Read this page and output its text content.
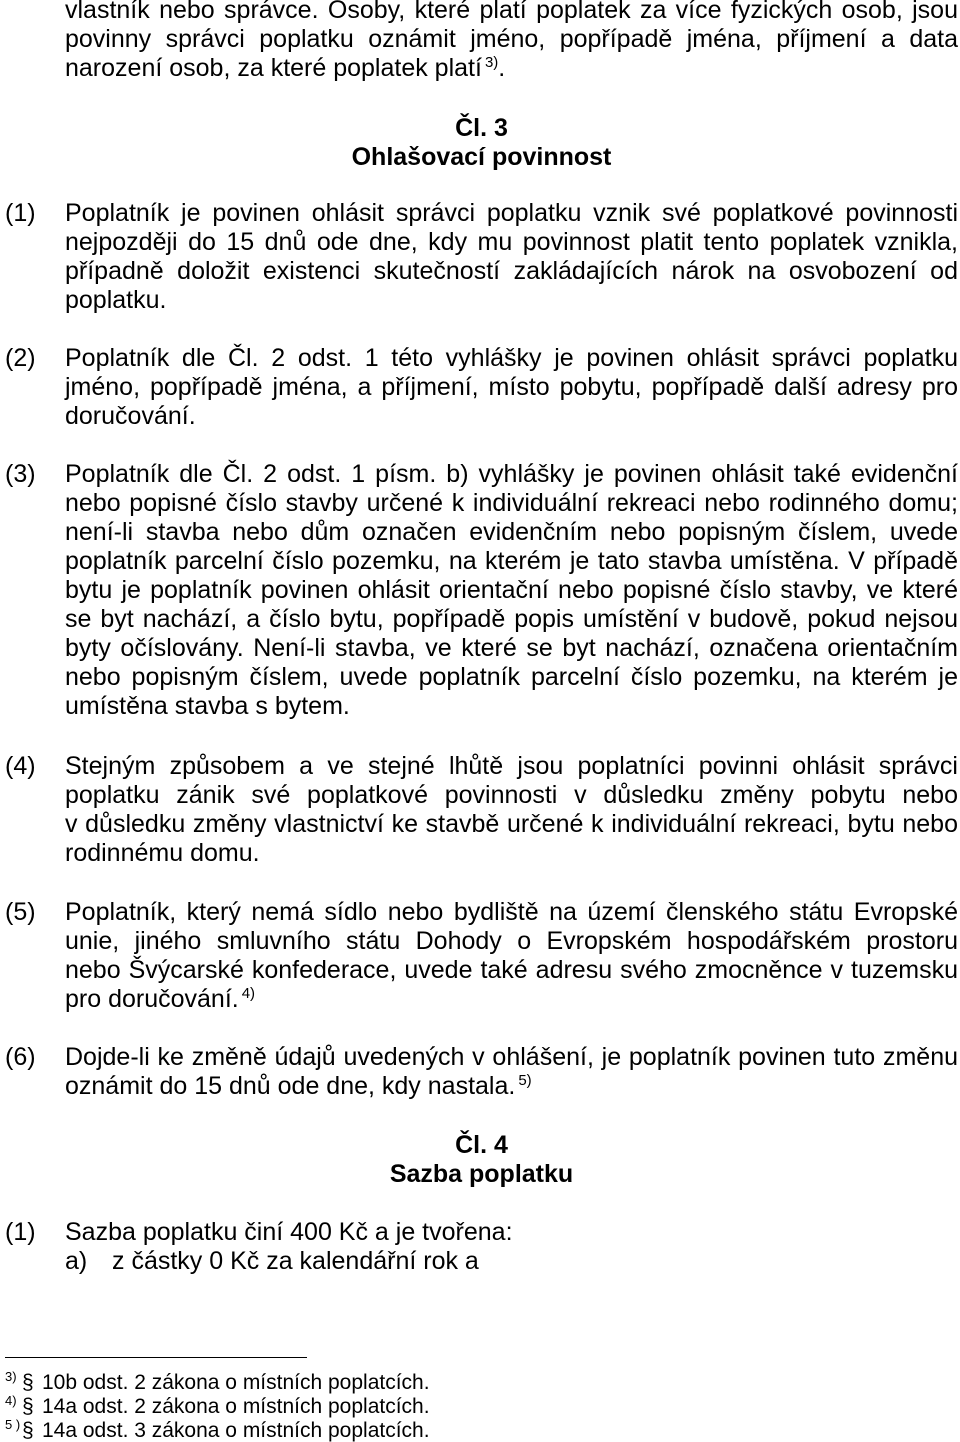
vlastník nebo správce. Osoby, které platí poplatek za více fyzických osob, jsou
povinny správci poplatku oznámit jméno, popřípadě jména, příjmení a data
narození osob, za které poplatek platí $^{3)}$.
Čl. 3
Ohlašovací povinnost
(1) Poplatník je povinen ohlásit správci poplatku vznik své poplatkové povinnosti
nejpozději do 15 dnů ode dne, kdy mu povinnost platit tento poplatek vznikla,
případně doložit existenci skutečností zakládajících nárok na osvobození od
poplatku.
(2) Poplatník dle Čl. 2 odst. 1 této vyhlášky je povinen ohlásit správci poplatku
jméno, popřípadě jména, a příjmení, místo pobytu, popřípadě další adresy pro
doručování.
(3) Poplatník dle Čl. 2 odst. 1 písm. b) vyhlášky je povinen ohlásit také evidenční
nebo popisné číslo stavby určené k individuální rekreaci nebo rodinného domu;
není-li stavba nebo dům označen evidenčním nebo popisným číslem, uvede
poplatník parcelní číslo pozemku, na kterém je tato stavba umístěna. V případě
bytu je poplatník povinen ohlásit orientační nebo popisné číslo stavby, ve které
se byt nachází, a číslo bytu, popřípadě popis umístění v budově, pokud nejsou
byty očíslovány. Není-li stavba, ve které se byt nachází, označena orientačním
nebo popisným číslem, uvede poplatník parcelní číslo pozemku, na kterém je
umístěna stavba s bytem.
(4) Stejným způsobem a ve stejné lhůtě jsou poplatníci povinni ohlásit správci
poplatku zánik své poplatkové povinnosti v důsledku změny pobytu nebo
v důsledku změny vlastnictví ke stavbě určené k individuální rekreaci, bytu nebo
rodinnému domu.
(5) Poplatník, který nemá sídlo nebo bydliště na území členského státu Evropské
unie, jiného smluvního státu Dohody o Evropském hospodářském prostoru
nebo Švýcarské konfederace, uvede také adresu svého zmocněnce v tuzemsku
pro doručování. $^{4)}$
(6) Dojde-li ke změně údajů uvedených v ohlášení, je poplatník povinen tuto změnu
oznámit do 15 dnů ode dne, kdy nastala. $^{5)}$
Čl. 4
Sazba poplatku
(1) Sazba poplatku činí 400 Kč a je tvořena:
a) z částky 0 Kč za kalendářní rok a
3) § 10b odst. 2 zákona o místních poplatcích.
4) § 14a odst. 2 zákona o místních poplatcích.
5 )§ 14a odst. 3 zákona o místních poplatcích.
